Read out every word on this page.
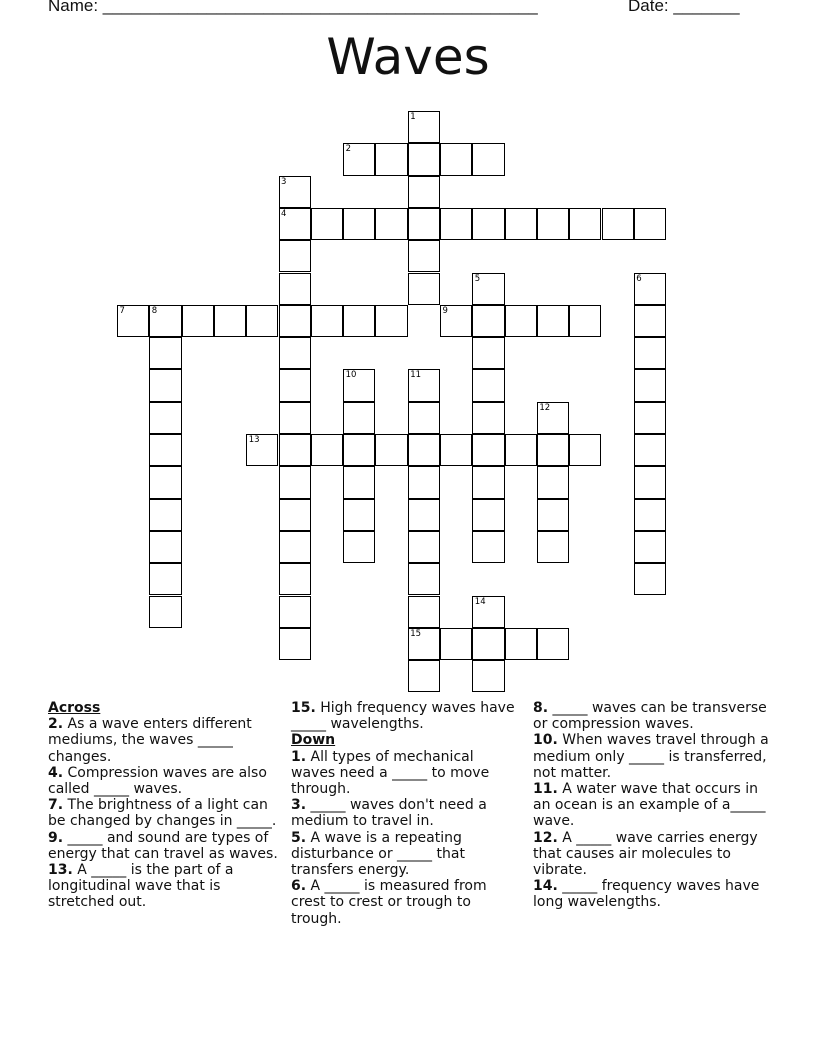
Name: ______________________________________________	Date: _______
Waves
1
2
3
4
5	6
7	8	9
10	11
12
13
14
15
Across

2. As a wave enters different mediums, the waves _____ changes.

4. Compression waves are also called _____ waves.

7. The brightness of a light can be changed by changes in _____.

9. _____ and sound are types of energy that can travel as waves.

13. A _____ is the part of a longitudinal wave that is stretched out.

15. High frequency waves have _____ wavelengths.

Down

1. All types of mechanical waves need a _____ to move through.

3. _____ waves don't need a medium to travel in.

5. A wave is a repeating disturbance or _____ that transfers energy.

6. A _____ is measured from crest to crest or trough to trough.

8. _____ waves can be transverse or compression waves.

10. When waves travel through a medium only _____ is transferred, not matter.

11. A water wave that occurs in an ocean is an example of a_____ wave.

12. A _____ wave carries energy that causes air molecules to vibrate.

14. _____ frequency waves have long wavelengths.
